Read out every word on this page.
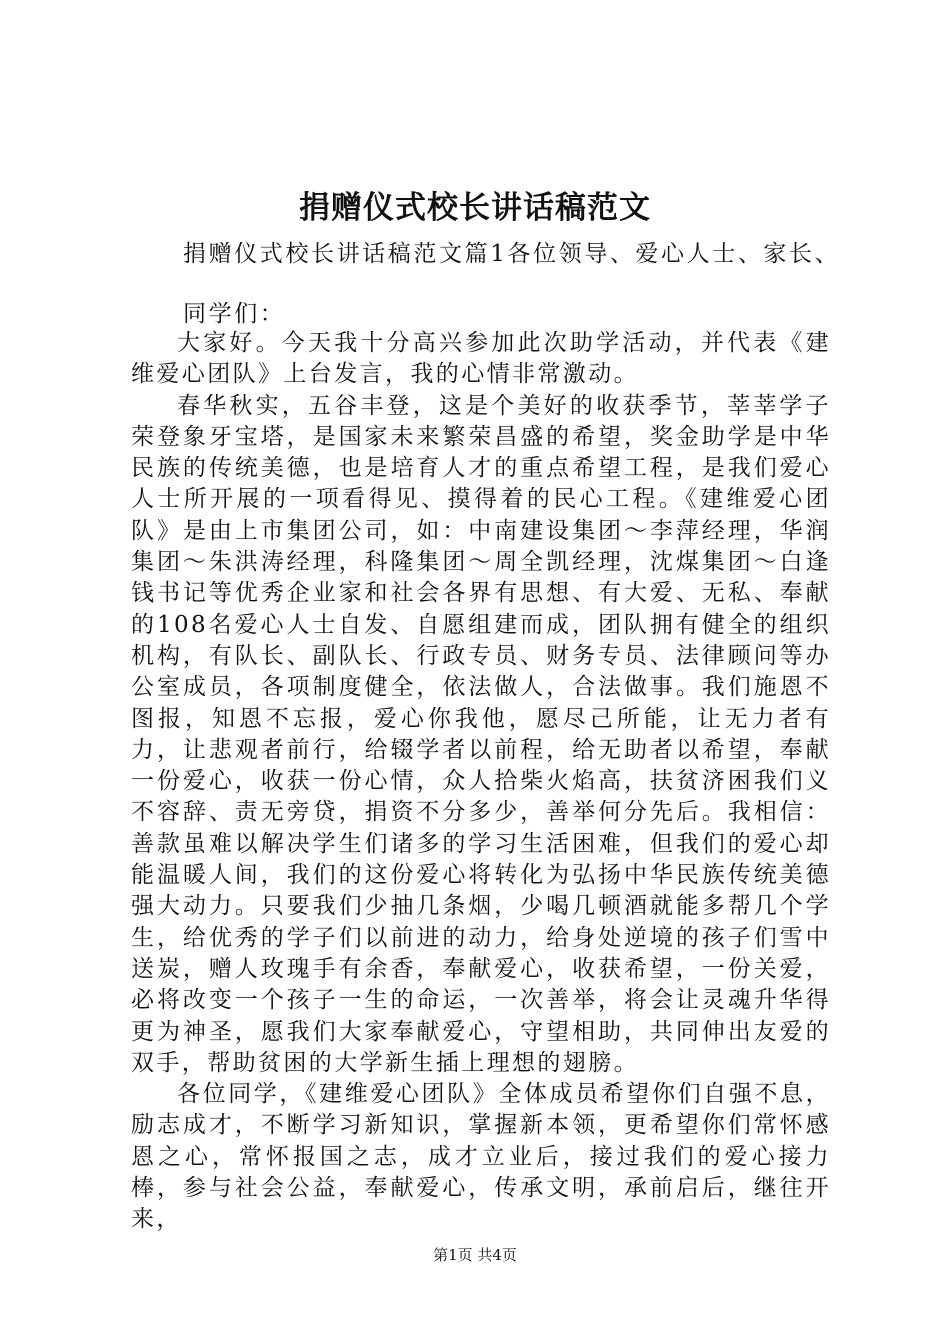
捐赠仪式校长讲话稿范文
捐赠仪式校长讲话稿范文篇1各位领导、爱心人士、家长、
同学们：

大家好。今天我十分高兴参加此次助学活动，并代表《建维爱心团队》上台发言，我的心情非常激动。

春华秋实，五谷丰登，这是个美好的收获季节，莘莘学子荣登象牙宝塔，是国家未来繁荣昌盛的希望，奖金助学是中华民族的传统美德，也是培育人才的重点希望工程，是我们爱心人士所开展的一项看得见、摸得着的民心工程。《建维爱心团队》是由上市集团公司，如：中南建设集团～李萍经理，华润集团～朱洪涛经理，科隆集团～周全凯经理，沈煤集团～白逢钱书记等优秀企业家和社会各界有思想、有大爱、无私、奉献的108名爱心人士自发、自愿组建而成，团队拥有健全的组织机构，有队长、副队长、行政专员、财务专员、法律顾问等办公室成员，各项制度健全，依法做人，合法做事。我们施恩不图报，知恩不忘报，爱心你我他，愿尽己所能，让无力者有力，让悲观者前行，给辍学者以前程，给无助者以希望，奉献一份爱心，收获一份心情，众人拾柴火焰高，扶贫济困我们义不容辞、责无旁贷，捐资不分多少，善举何分先后。我相信：善款虽难以解决学生们诸多的学习生活困难，但我们的爱心却能温暖人间，我们的这份爱心将转化为弘扬中华民族传统美德强大动力。只要我们少抽几条烟，少喝几顿酒就能多帮几个学生，给优秀的学子们以前进的动力，给身处逆境的孩子们雪中送炭，赠人玫瑰手有余香，奉献爱心，收获希望，一份关爱，必将改变一个孩子一生的命运，一次善举，将会让灵魂升华得更为神圣，愿我们大家奉献爱心，守望相助，共同伸出友爱的双手，帮助贫困的大学新生插上理想的翅膀。

各位同学，《建维爱心团队》全体成员希望你们自强不息，励志成才，不断学习新知识，掌握新本领，更希望你们常怀感恩之心，常怀报国之志，成才立业后，接过我们的爱心接力棒，参与社会公益，奉献爱心，传承文明，承前启后，继往开来，

第1页 共4页
